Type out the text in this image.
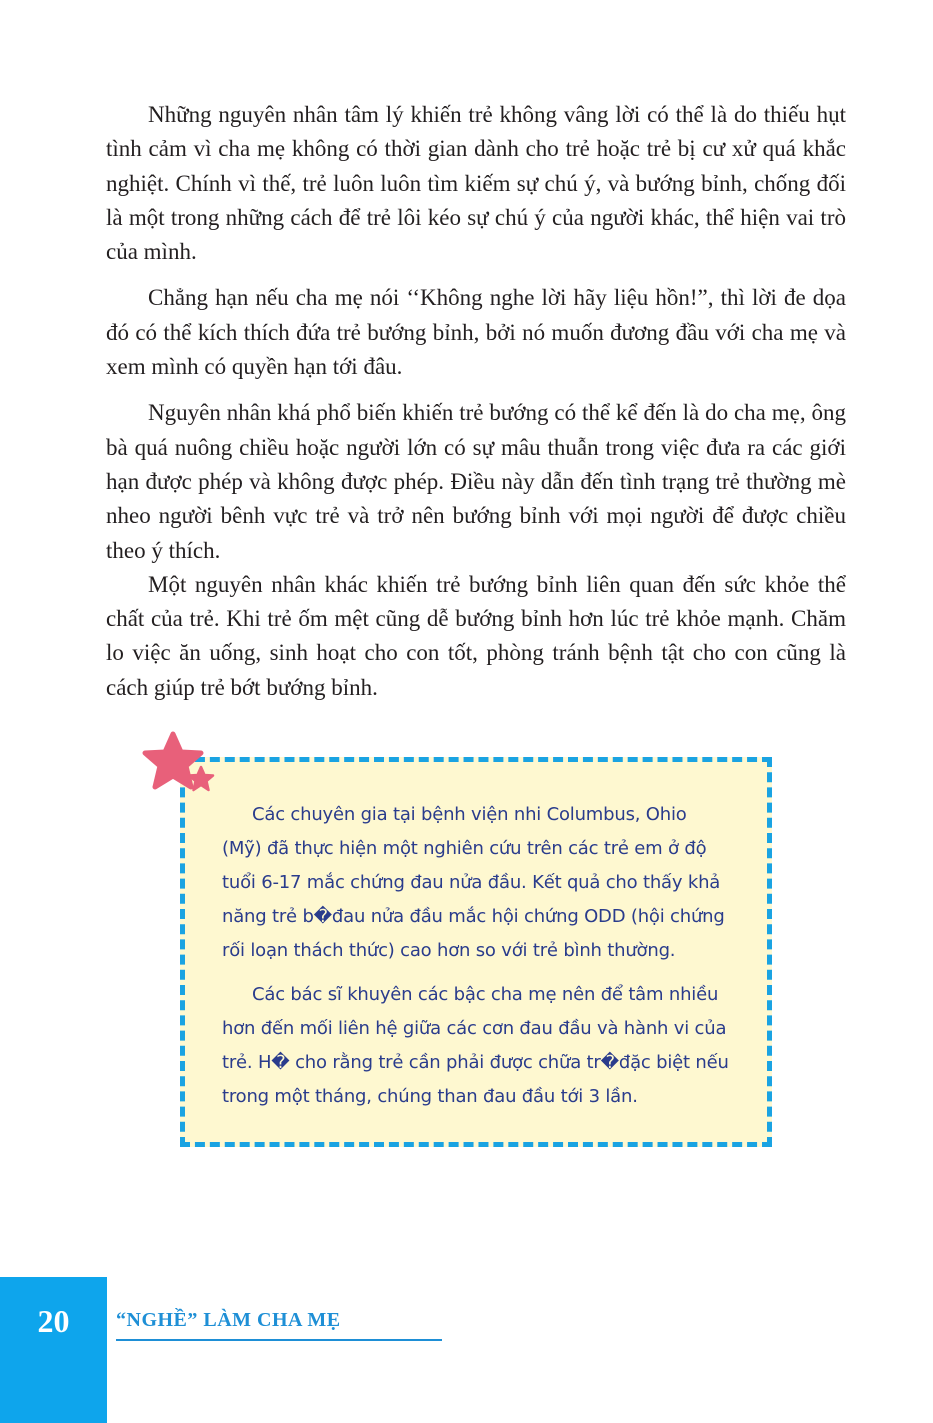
Những nguyên nhân tâm lý khiến trẻ không vâng lời có thể là do thiếu hụt tình cảm vì cha mẹ không có thời gian dành cho trẻ hoặc trẻ bị cư xử quá khắc nghiệt. Chính vì thế, trẻ luôn luôn tìm kiếm sự chú ý, và bướng bỉnh, chống đối là một trong những cách để trẻ lôi kéo sự chú ý của người khác, thể hiện vai trò của mình.

Chẳng hạn nếu cha mẹ nói ‘‘Không nghe lời hãy liệu hồn!”, thì lời đe dọa đó có thể kích thích đứa trẻ bướng bỉnh, bởi nó muốn đương đầu với cha mẹ và xem mình có quyền hạn tới đâu.

Nguyên nhân khá phổ biến khiến trẻ bướng có thể kể đến là do cha mẹ, ông bà quá nuông chiều hoặc người lớn có sự mâu thuẫn trong việc đưa ra các giới hạn được phép và không được phép. Điều này dẫn đến tình trạng trẻ thường mè nheo người bênh vực trẻ và trở nên bướng bỉnh với mọi người để được chiều theo ý thích.

Một nguyên nhân khác khiến trẻ bướng bỉnh liên quan đến sức khỏe thể chất của trẻ. Khi trẻ ốm mệt cũng dễ bướng bỉnh hơn lúc trẻ khỏe mạnh. Chăm lo việc ăn uống, sinh hoạt cho con tốt, phòng tránh bệnh tật cho con cũng là cách giúp trẻ bớt bướng bỉnh.

Các chuyên gia tại bệnh viện nhi Columbus, Ohio (Mỹ) đã thực hiện một nghiên cứu trên các trẻ em ở độ tuổi 6-17 mắc chứng đau nửa đầu. Kết quả cho thấy khả năng trẻ b�đau nửa đầu mắc hội chứng ODD (hội chứng rối loạn thách thức) cao hơn so với trẻ bình thường.

Các bác sĩ khuyên các bậc cha mẹ nên để tâm nhiều hơn đến mối liên hệ giữa các cơn đau đầu và hành vi của trẻ. H� cho rằng trẻ cần phải được chữa tr�đặc biệt nếu trong một tháng, chúng than đau đầu tới 3 lần.

20	“NGHỀ” LÀM CHA MẸ
